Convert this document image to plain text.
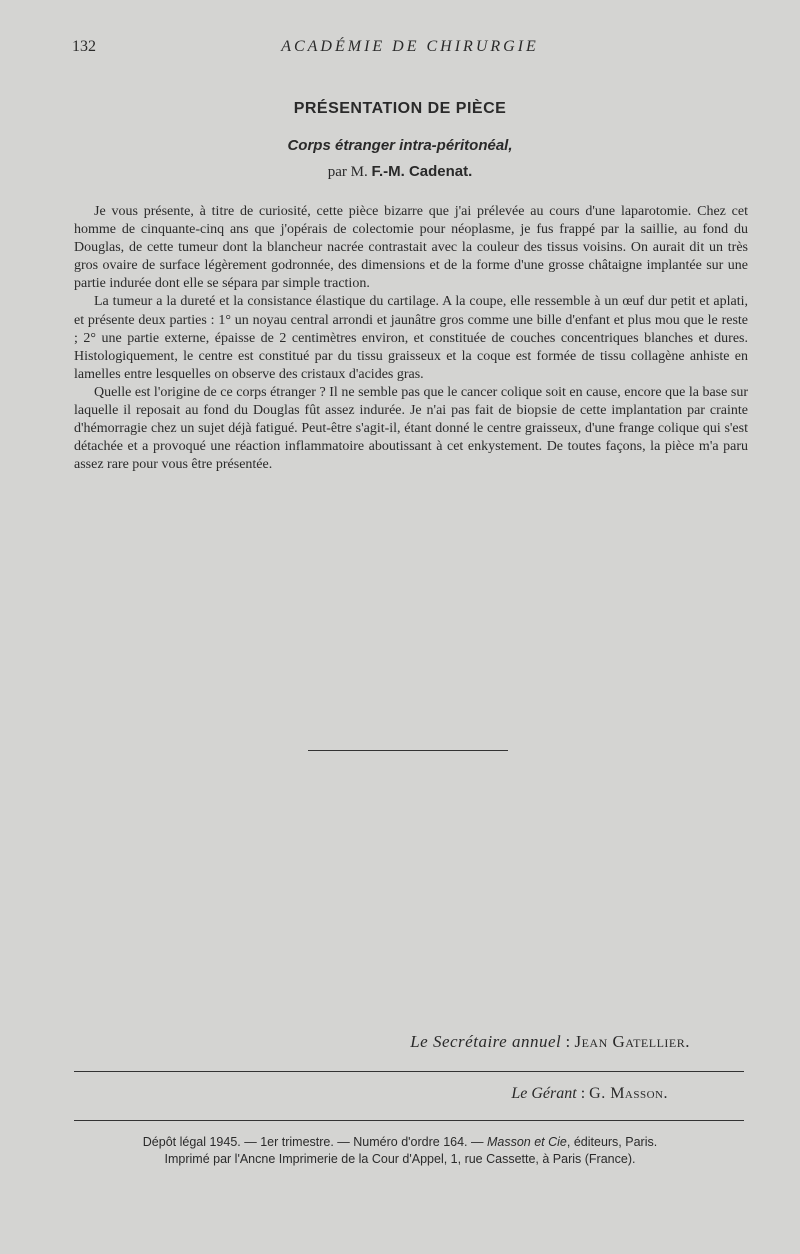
132	ACADÉMIE DE CHIRURGIE
PRÉSENTATION DE PIÈCE
Corps étranger intra-péritonéal,
par M. F.-M. Cadenat.

Je vous présente, à titre de curiosité, cette pièce bizarre que j'ai prélevée au cours d'une laparotomie. Chez cet homme de cinquante-cinq ans que j'opérais de colectomie pour néoplasme, je fus frappé par la saillie, au fond du Douglas, de cette tumeur dont la blancheur nacrée contrastait avec la couleur des tissus voisins. On aurait dit un très gros ovaire de surface légèrement godronnée, des dimensions et de la forme d'une grosse châtaigne implantée sur une partie indurée dont elle se sépara par simple traction.

La tumeur a la dureté et la consistance élastique du cartilage. A la coupe, elle ressemble à un œuf dur petit et aplati, et présente deux parties : 1° un noyau central arrondi et jaunâtre gros comme une bille d'enfant et plus mou que le reste ; 2° une partie externe, épaisse de 2 centimètres environ, et constituée de couches concentriques blanches et dures. Histologiquement, le centre est constitué par du tissu graisseux et la coque est formée de tissu collagène anhiste en lamelles entre lesquelles on observe des cristaux d'acides gras.

Quelle est l'origine de ce corps étranger ? Il ne semble pas que le cancer colique soit en cause, encore que la base sur laquelle il reposait au fond du Douglas fût assez indurée. Je n'ai pas fait de biopsie de cette implantation par crainte d'hémorragie chez un sujet déjà fatigué. Peut-être s'agit-il, étant donné le centre graisseux, d'une frange colique qui s'est détachée et a provoqué une réaction inflammatoire aboutissant à cet enkystement. De toutes façons, la pièce m'a paru assez rare pour vous être présentée.

Le Secrétaire annuel : Jean Gatellier.
Le Gérant : G. Masson.
Dépôt légal 1945. — 1er trimestre. — Numéro d'ordre 164. — Masson et Cie, éditeurs, Paris.
Imprimé par l'Ancne Imprimerie de la Cour d'Appel, 1, rue Cassette, à Paris (France).
